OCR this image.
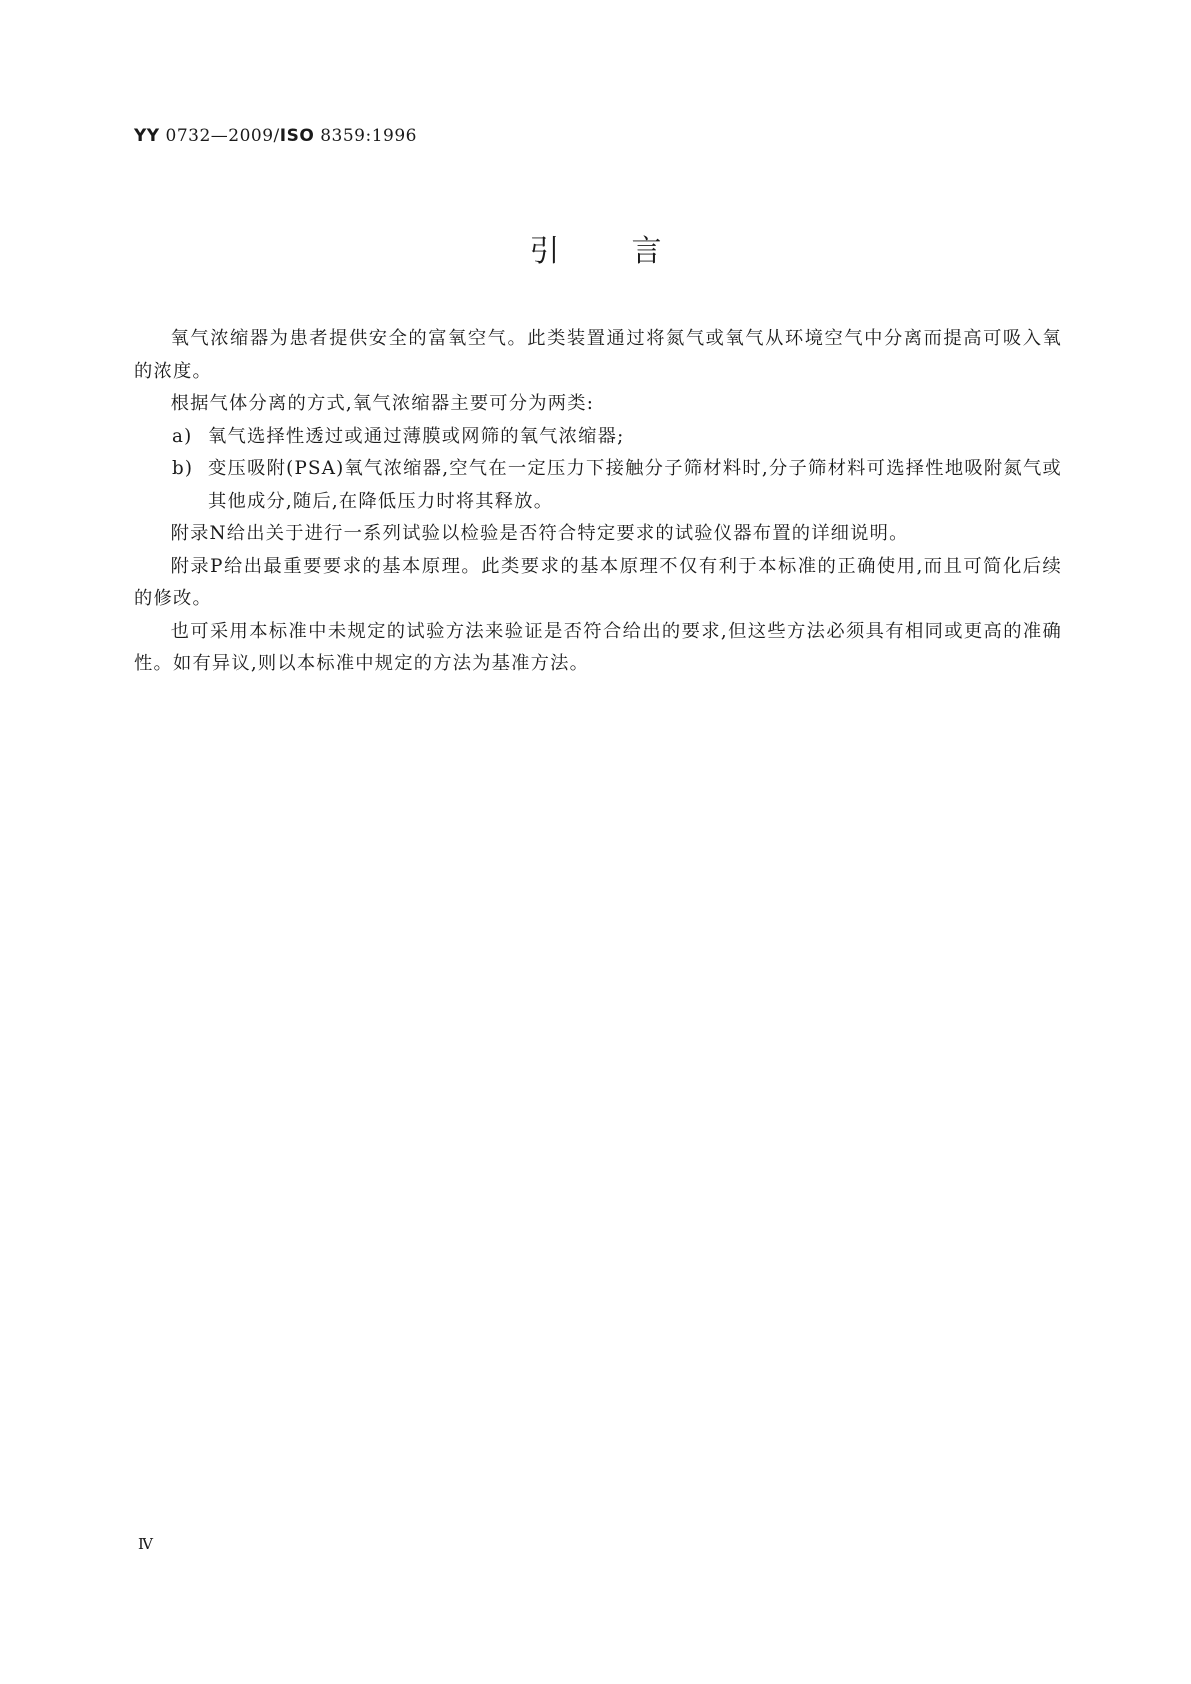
YY 0732—2009/ISO 8359:1996
引言

氧气浓缩器为患者提供安全的富氧空气。此类装置通过将氮气或氧气从环境空气中分离而提高可吸入氧的浓度。

根据气体分离的方式,氧气浓缩器主要可分为两类:

a) 氧气选择性透过或通过薄膜或网筛的氧气浓缩器;

b) 变压吸附(PSA)氧气浓缩器,空气在一定压力下接触分子筛材料时,分子筛材料可选择性地吸附氮气或其他成分,随后,在降低压力时将其释放。

附录N给出关于进行一系列试验以检验是否符合特定要求的试验仪器布置的详细说明。

附录P给出最重要要求的基本原理。此类要求的基本原理不仅有利于本标准的正确使用,而且可简化后续的修改。

也可采用本标准中未规定的试验方法来验证是否符合给出的要求,但这些方法必须具有相同或更高的准确性。如有异议,则以本标准中规定的方法为基准方法。

Ⅳ
